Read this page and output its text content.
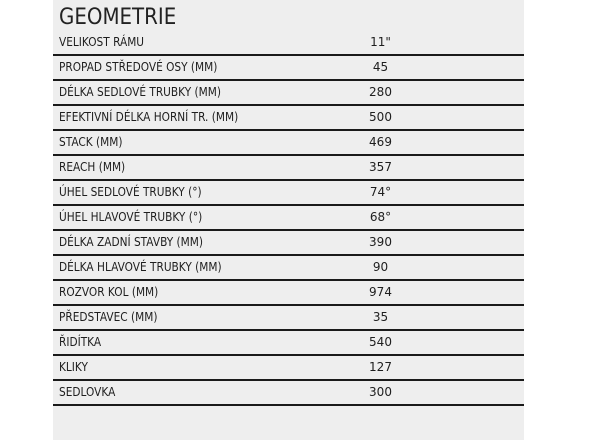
GEOMETRIE
VELIKOST RÁMU	11"
PROPAD STŘEDOVÉ OSY (MM)	45
DÉLKA SEDLOVÉ TRUBKY (MM)	280
EFEKTIVNÍ DÉLKA HORNÍ TR. (MM)	500
STACK (MM)	469
REACH (MM)	357
ÚHEL SEDLOVÉ TRUBKY (°)	74°
ÚHEL HLAVOVÉ TRUBKY (°)	68°
DÉLKA ZADNÍ STAVBY (MM)	390
DÉLKA HLAVOVÉ TRUBKY (MM)	90
ROZVOR KOL (MM)	974
PŘEDSTAVEC (MM)	35
ŘIDÍTKA	540
KLIKY	127
SEDLOVKA	300
